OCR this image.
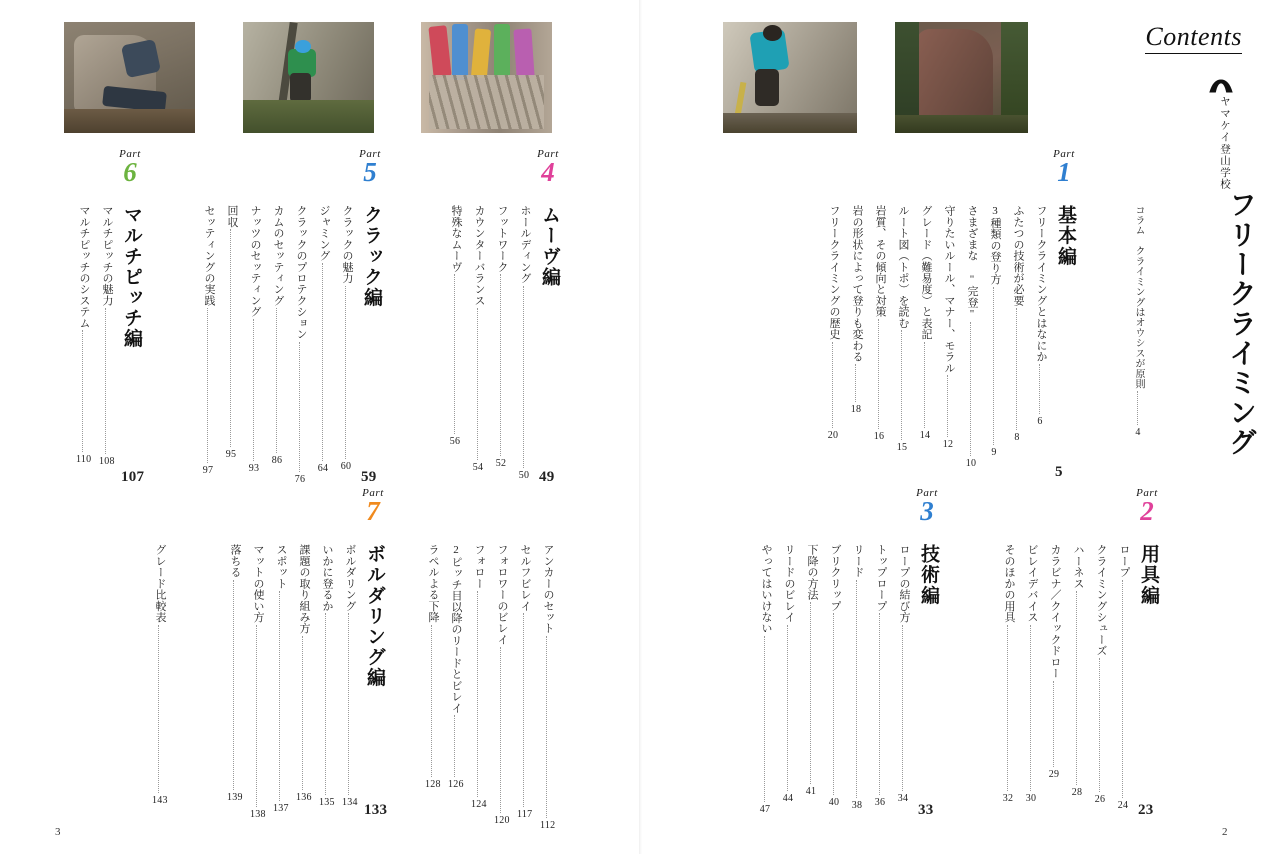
Part
6
マルチピッチ編
107
マルチピッチの魅力
108
マルチピッチのシステム
110
Part
5
クラック編
59
クラックの魅力
60
ジャミング
64
クラックのプロテクション
76
カムのセッティング
86
ナッツのセッティング
93
回収
95
セッティングの実践
97
Part
4
ムーヴ編
49
ホールディング
50
フットワーク
52
カウンターバランス
54
特殊なムーヴ
56
Part
7
ボルダリング編
133
ボルダリング
134
いかに登るか
135
課題の取り組み方
136
スポット
137
マットの使い方
138
落ちる
139
グレード比較表
143
アンカーのセット
112
セルフビレイ
117
フォロワーのビレイ
120
フォロー
124
2ピッチ目以降のリードとビレイ
126
ラペルよる下降
128
Part
1
基本編
5
フリークライミングとはなにか
6
ふたつの技術が必要
8
3種類の登り方
9
さまざまな "完登"
10
守りたいルール、マナー、モラル
12
グレード（難易度）と表記
14
ルート図（トポ）を読む
15
岩質、その傾向と対策
16
岩の形状によって登りも変わる
18
フリークライミングの歴史
20
Part
3
技術編
33
ロープの結び方
34
トップロープ
36
リード
38
ブリクリップ
40
下降の方法
41
リードのビレイ
44
やってはいけない
47
Part
2
用具編
23
ロープ
24
クライミングシューズ
26
ハーネス
28
カラビナ／クイックドロー
29
ビレイデバイス
30
そのほかの用具
32
Contents
ヤマケイ登山学校
フリークライミング
コラム　クライミングはオウシスが原則
4
3	2
